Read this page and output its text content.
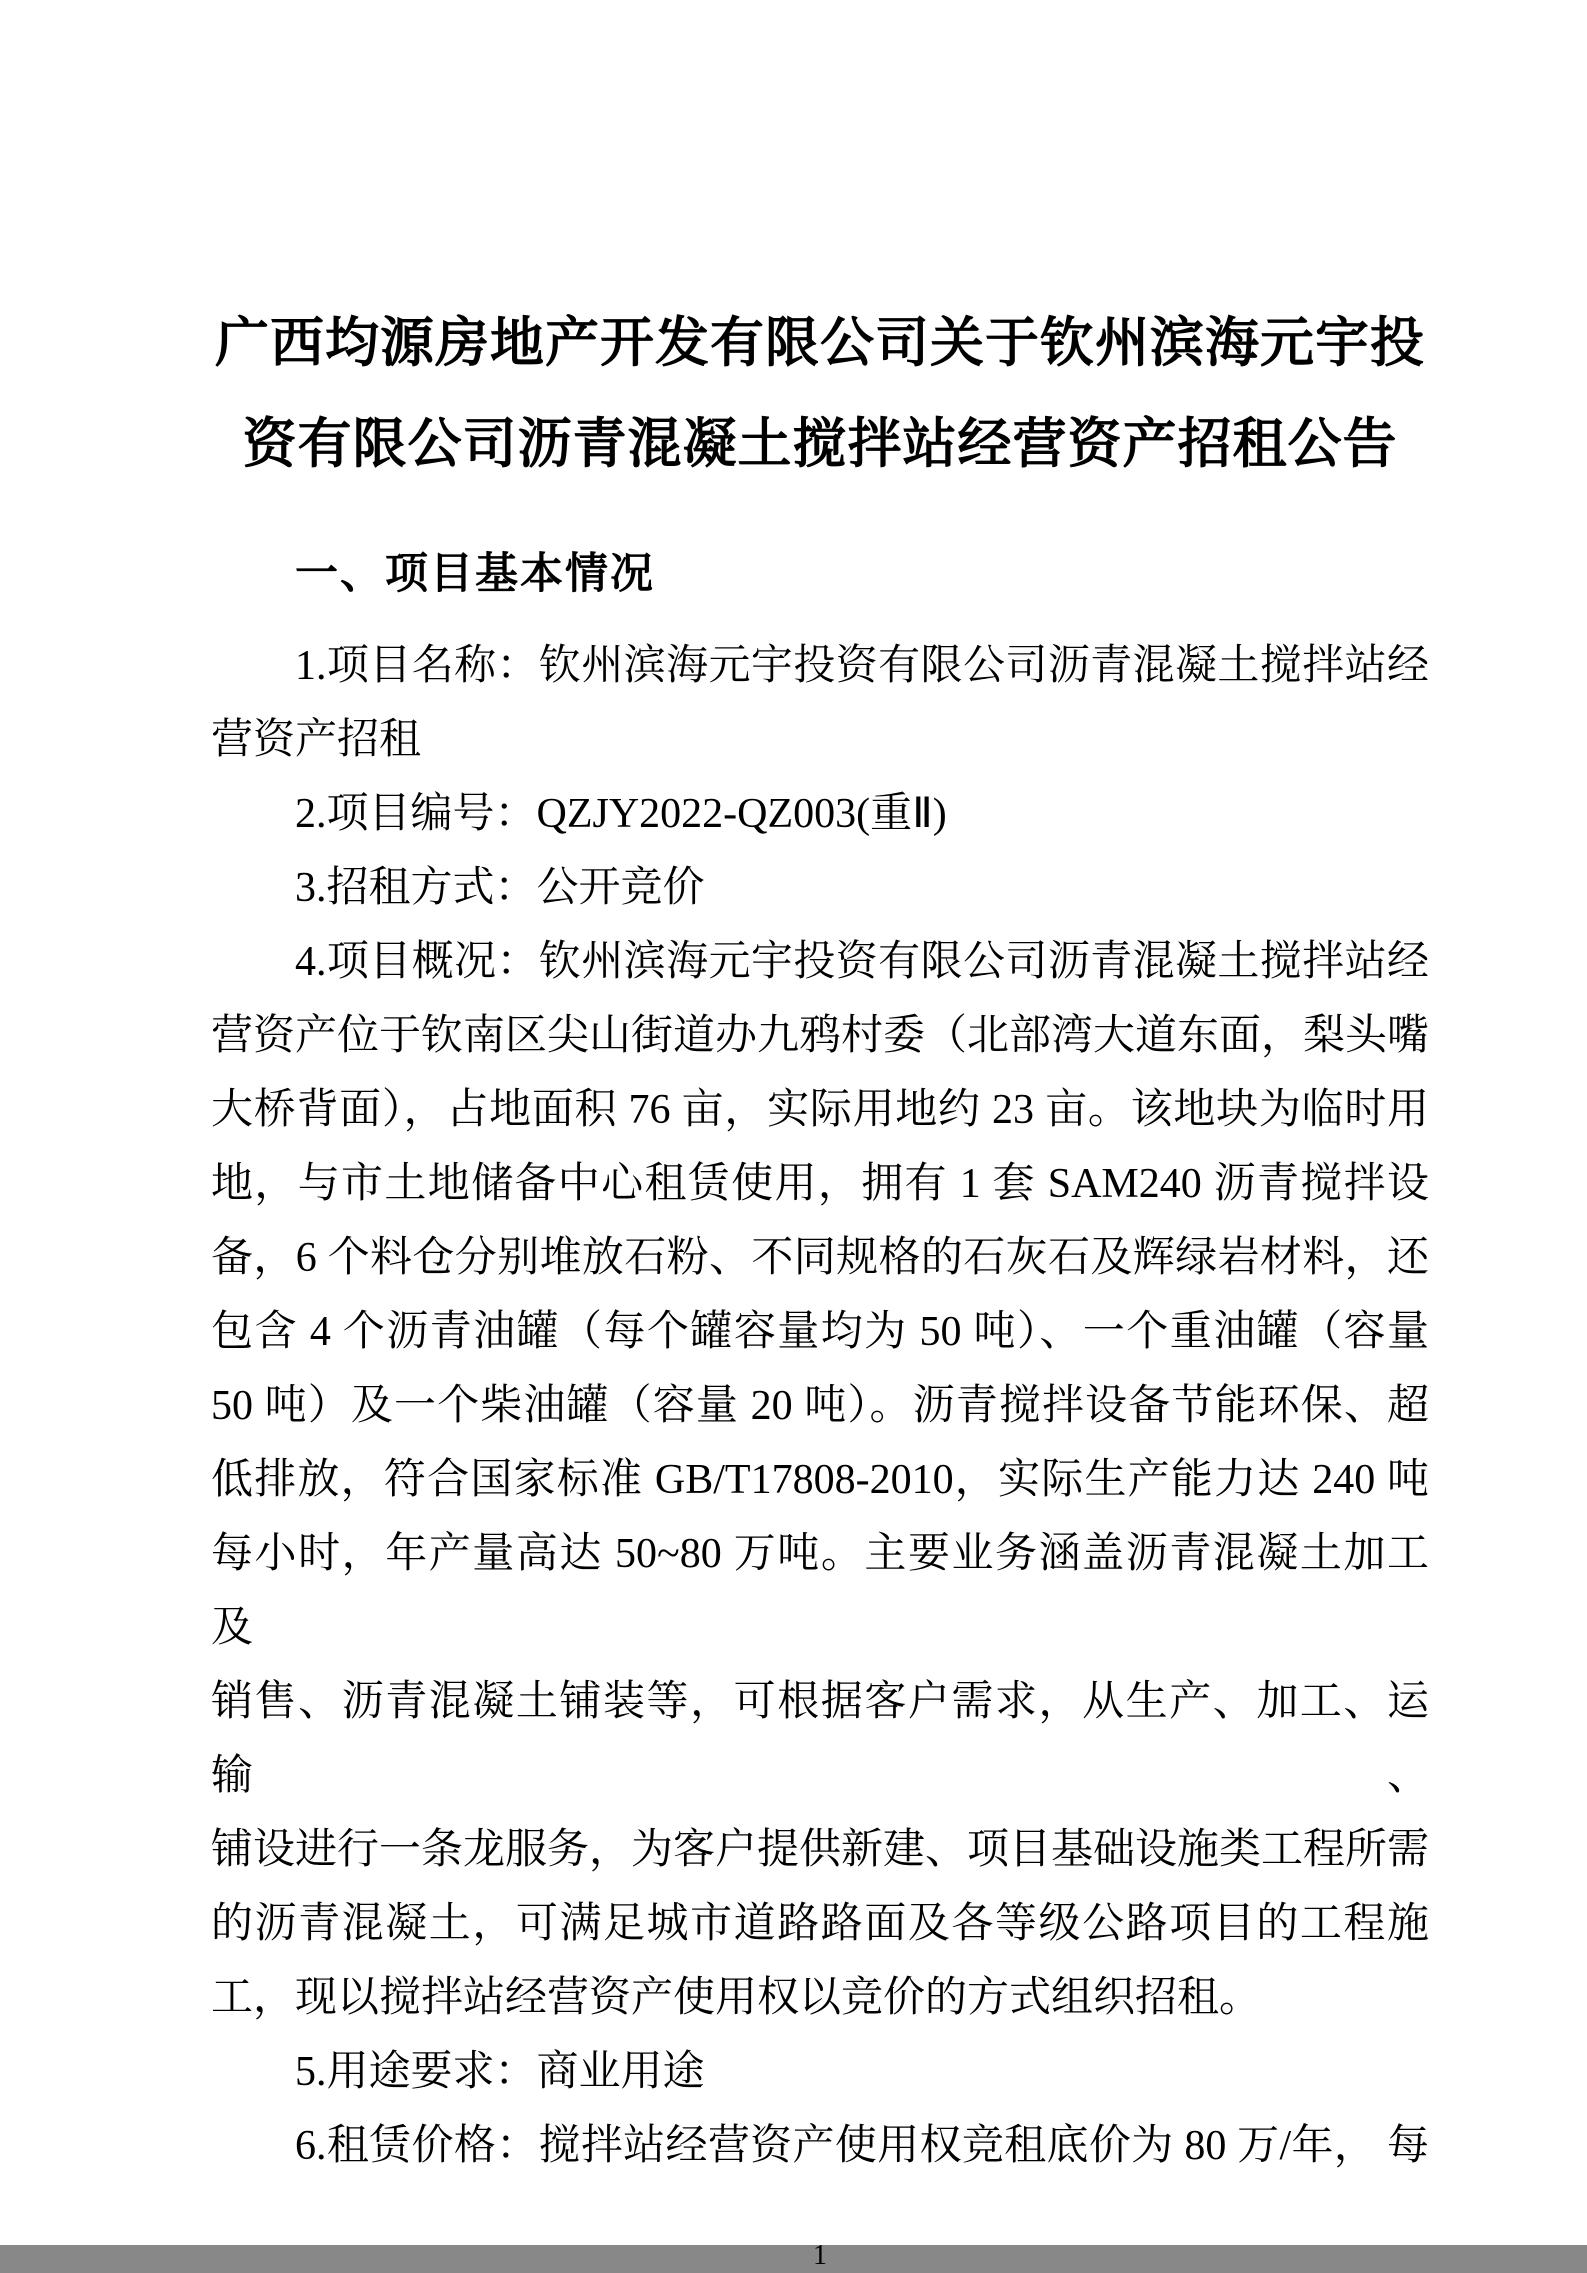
广西均源房地产开发有限公司关于钦州滨海元宇投
资有限公司沥青混凝土搅拌站经营资产招租公告
一、项目基本情况

1.项目名称：钦州滨海元宇投资有限公司沥青混凝土搅拌站经

营资产招租

2.项目编号：QZJY2022-QZ003(重Ⅱ)

3.招租方式：公开竞价

4.项目概况：钦州滨海元宇投资有限公司沥青混凝土搅拌站经

营资产位于钦南区尖山街道办九鸦村委（北部湾大道东面，梨头嘴

大桥背面），占地面积 76 亩，实际用地约 23 亩。该地块为临时用

地，与市土地储备中心租赁使用，拥有 1 套 SAM240 沥青搅拌设

备，6 个料仓分别堆放石粉、不同规格的石灰石及辉绿岩材料，还

包含 4 个沥青油罐（每个罐容量均为 50 吨）、一个重油罐（容量

50 吨）及一个柴油罐（容量 20 吨）。沥青搅拌设备节能环保、超

低排放，符合国家标准 GB/T17808-2010，实际生产能力达 240 吨

每小时，年产量高达 50~80 万吨。主要业务涵盖沥青混凝土加工及

销售、沥青混凝土铺装等，可根据客户需求，从生产、加工、运输、

铺设进行一条龙服务，为客户提供新建、项目基础设施类工程所需

的沥青混凝土，可满足城市道路路面及各等级公路项目的工程施

工，现以搅拌站经营资产使用权以竞价的方式组织招租。

5.用途要求：商业用途

6.租赁价格：搅拌站经营资产使用权竞租底价为 80 万/年， 每

1
